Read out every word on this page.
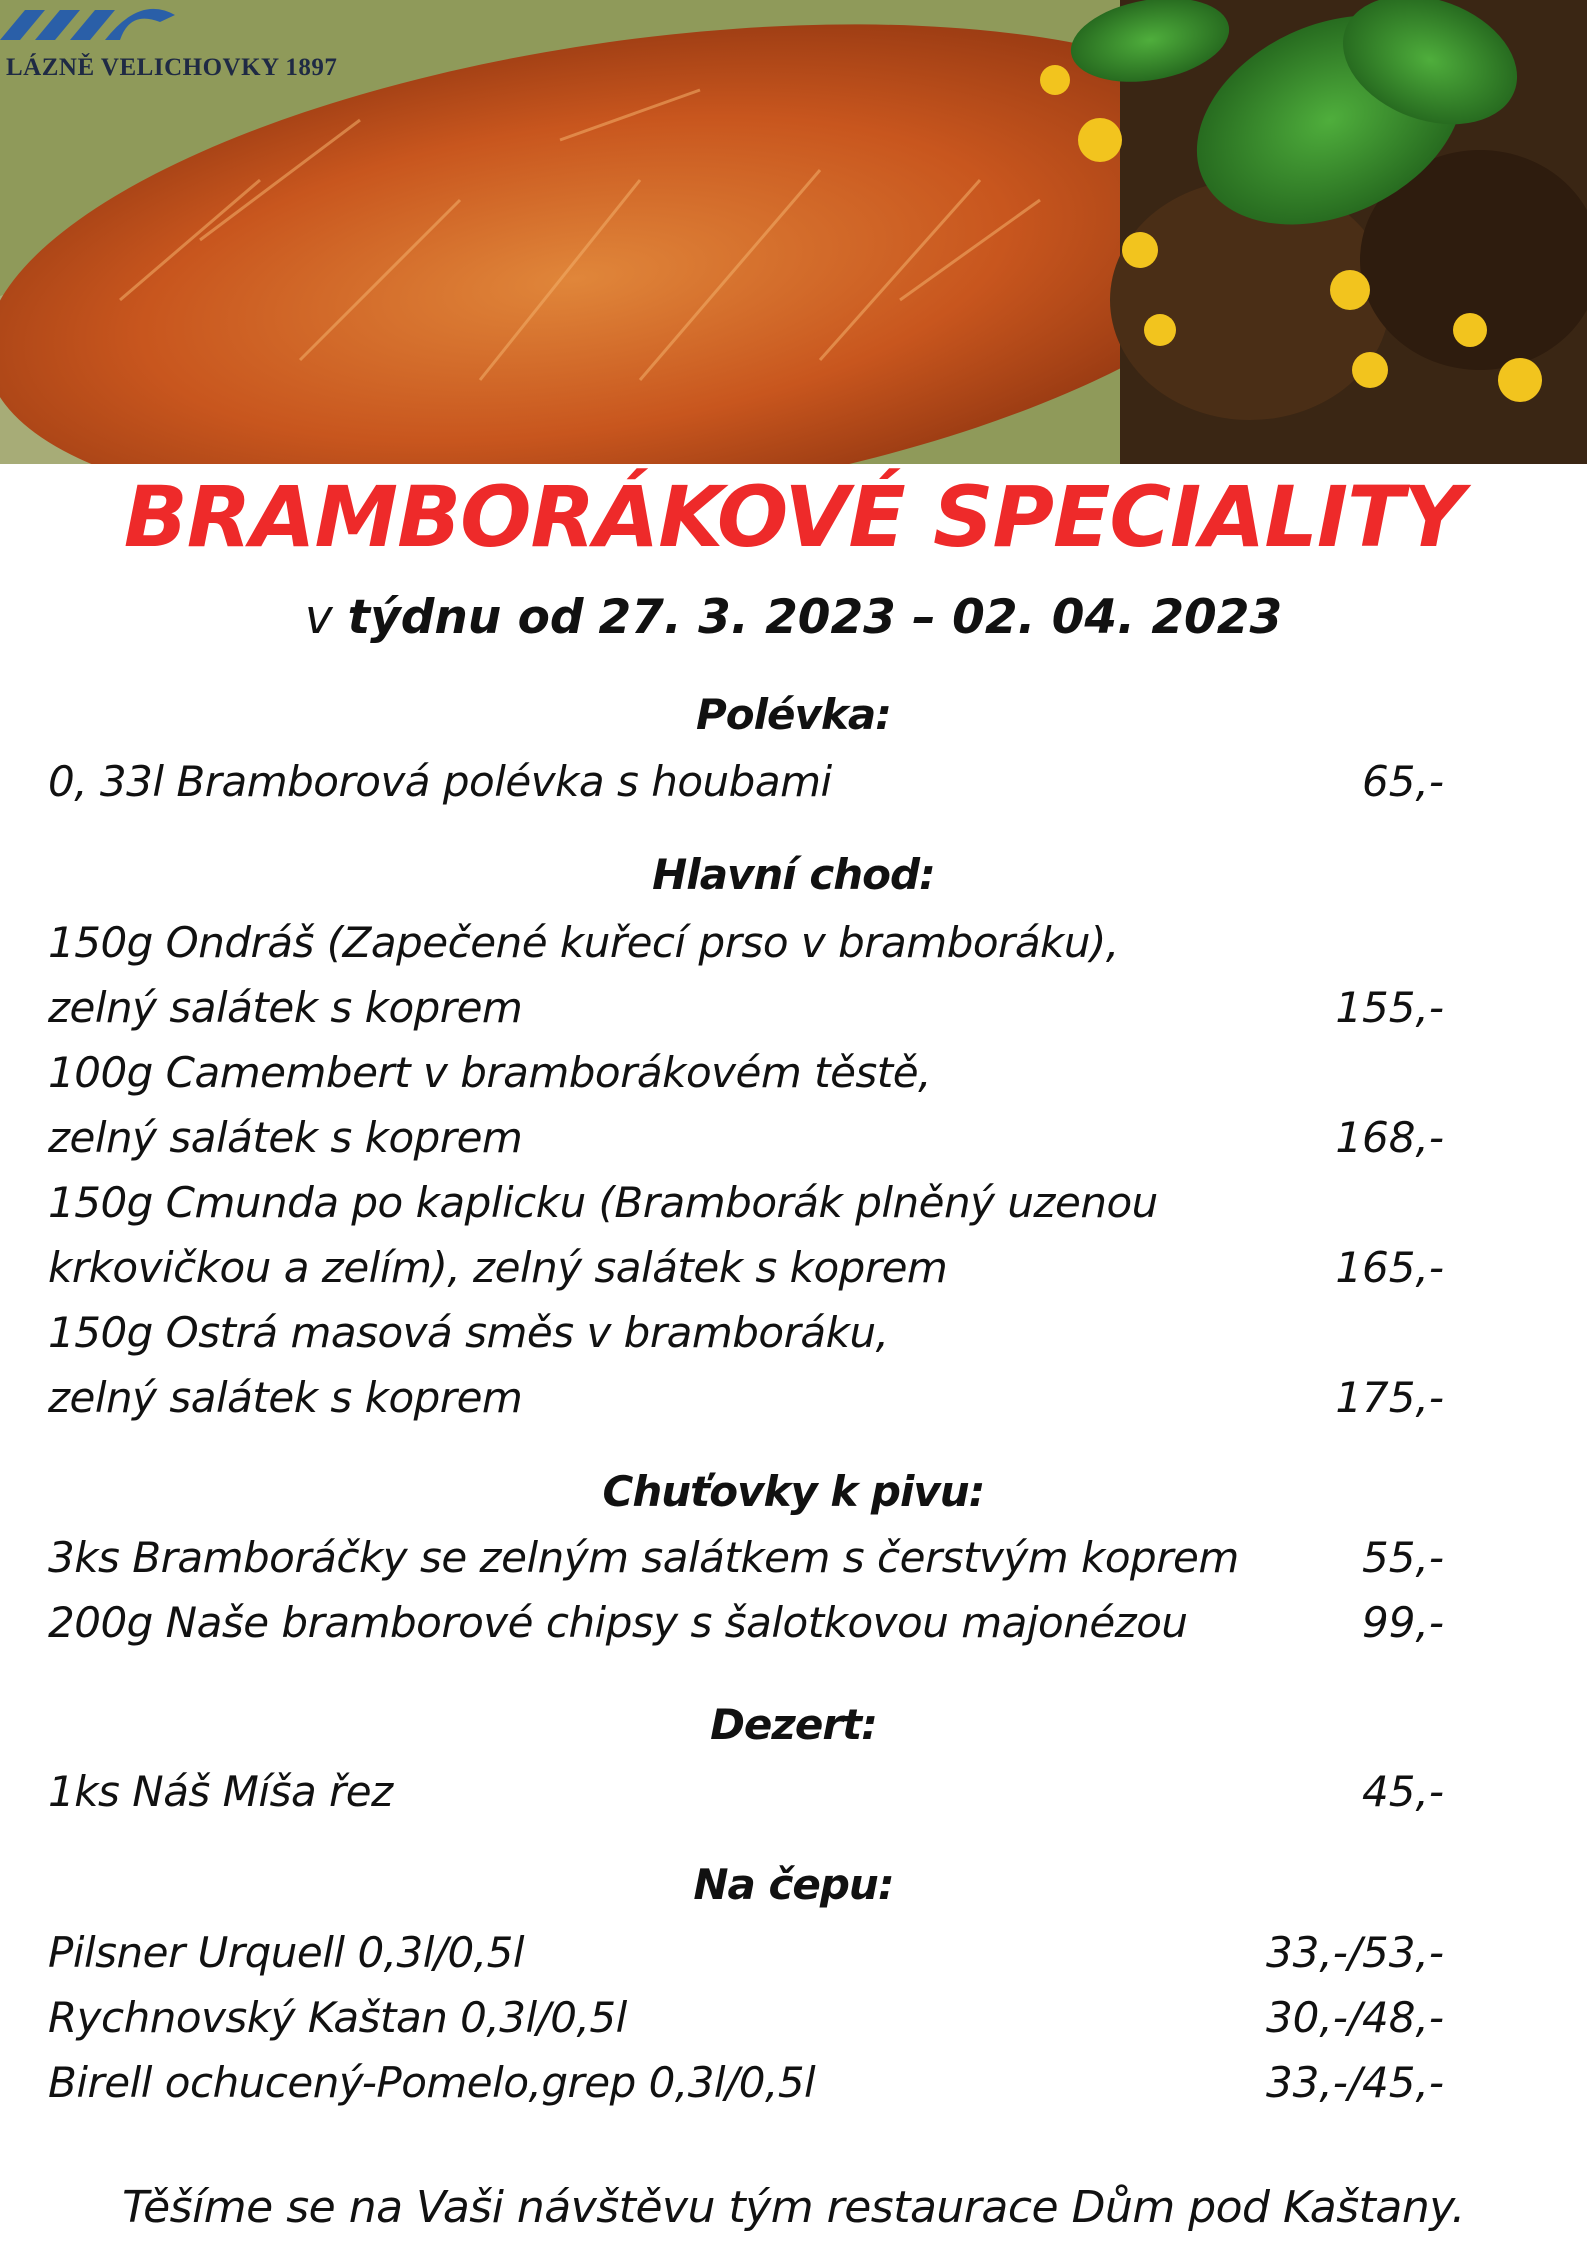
LÁZNĚ VELICHOVKY 1897
BRAMBORÁKOVÉ SPECIALITY
v týdnu od 27. 3. 2023 – 02. 04. 2023
Polévka:
0, 33l Bramborová polévka s houbami	65,-
Hlavní chod:
150g Ondráš (Zapečené kuřecí prso v bramboráku),
zelný salátek s koprem	155,-
100g Camembert v bramborákovém těstě,
zelný salátek s koprem	168,-
150g Cmunda po kaplicku (Bramborák plněný uzenou
krkovičkou a zelím), zelný salátek s koprem	165,-
150g Ostrá masová směs v bramboráku,
zelný salátek s koprem	175,-
Chuťovky k pivu:
3ks Bramboráčky se zelným salátkem s čerstvým koprem	55,-
200g Naše bramborové chipsy s šalotkovou majonézou	99,-
Dezert:
1ks Náš Míša řez	45,-
Na čepu:
Pilsner Urquell 0,3l/0,5l	33,-/53,-
Rychnovský Kaštan 0,3l/0,5l	30,-/48,-
Birell ochucený-Pomelo,grep 0,3l/0,5l	33,-/45,-
Těšíme se na Vaši návštěvu tým restaurace Dům pod Kaštany.
